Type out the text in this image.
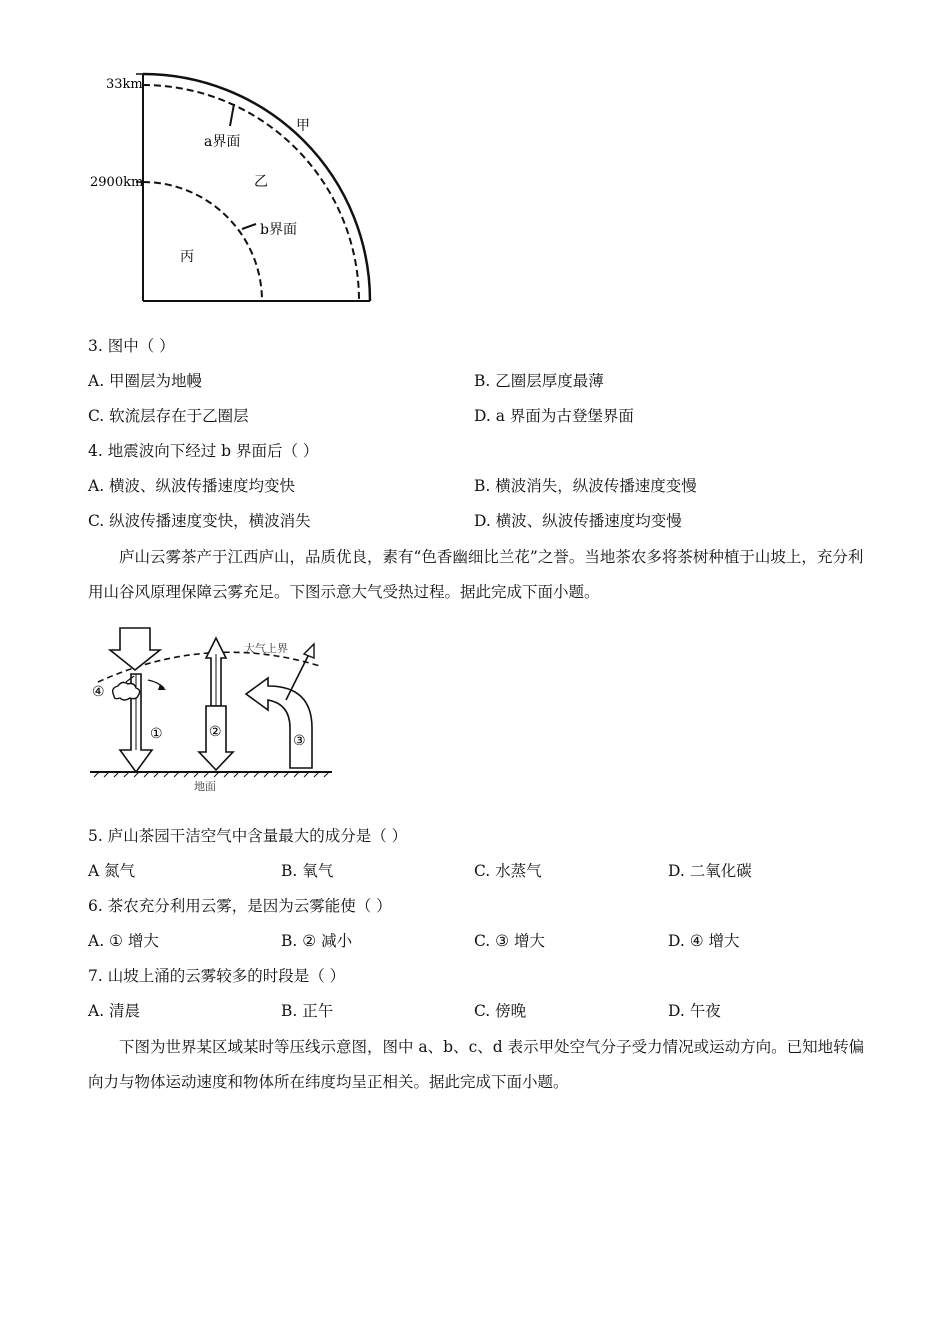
33km
2900km
a界面
b界面
甲
乙
丙
3. 图中（ ）
A. 甲圈层为地幔	B. 乙圈层厚度最薄
C. 软流层存在于乙圈层	D. a 界面为古登堡界面
4. 地震波向下经过 b 界面后（ ）
A. 横波、纵波传播速度均变快	B. 横波消失，纵波传播速度变慢
C. 纵波传播速度变快，横波消失	D. 横波、纵波传播速度均变慢
庐山云雾茶产于江西庐山，品质优良，素有“色香幽细比兰花”之誉。当地茶农多将茶树种植于山坡上，充分利用山谷风原理保障云雾充足。下图示意大气受热过程。据此完成下面小题。
大气上界
④
①	②
③
地面
5. 庐山茶园干洁空气中含量最大的成分是（ ）
A 氮气	B. 氧气	C. 水蒸气	D. 二氧化碳
6. 茶农充分利用云雾，是因为云雾能使（ ）
A. ① 增大	B. ② 减小	C. ③ 增大	D. ④ 增大
7. 山坡上涌的云雾较多的时段是（ ）
A. 清晨	B. 正午	C. 傍晚	D. 午夜
下图为世界某区域某时等压线示意图，图中 a、b、c、d 表示甲处空气分子受力情况或运动方向。已知地转偏向力与物体运动速度和物体所在纬度均呈正相关。据此完成下面小题。
